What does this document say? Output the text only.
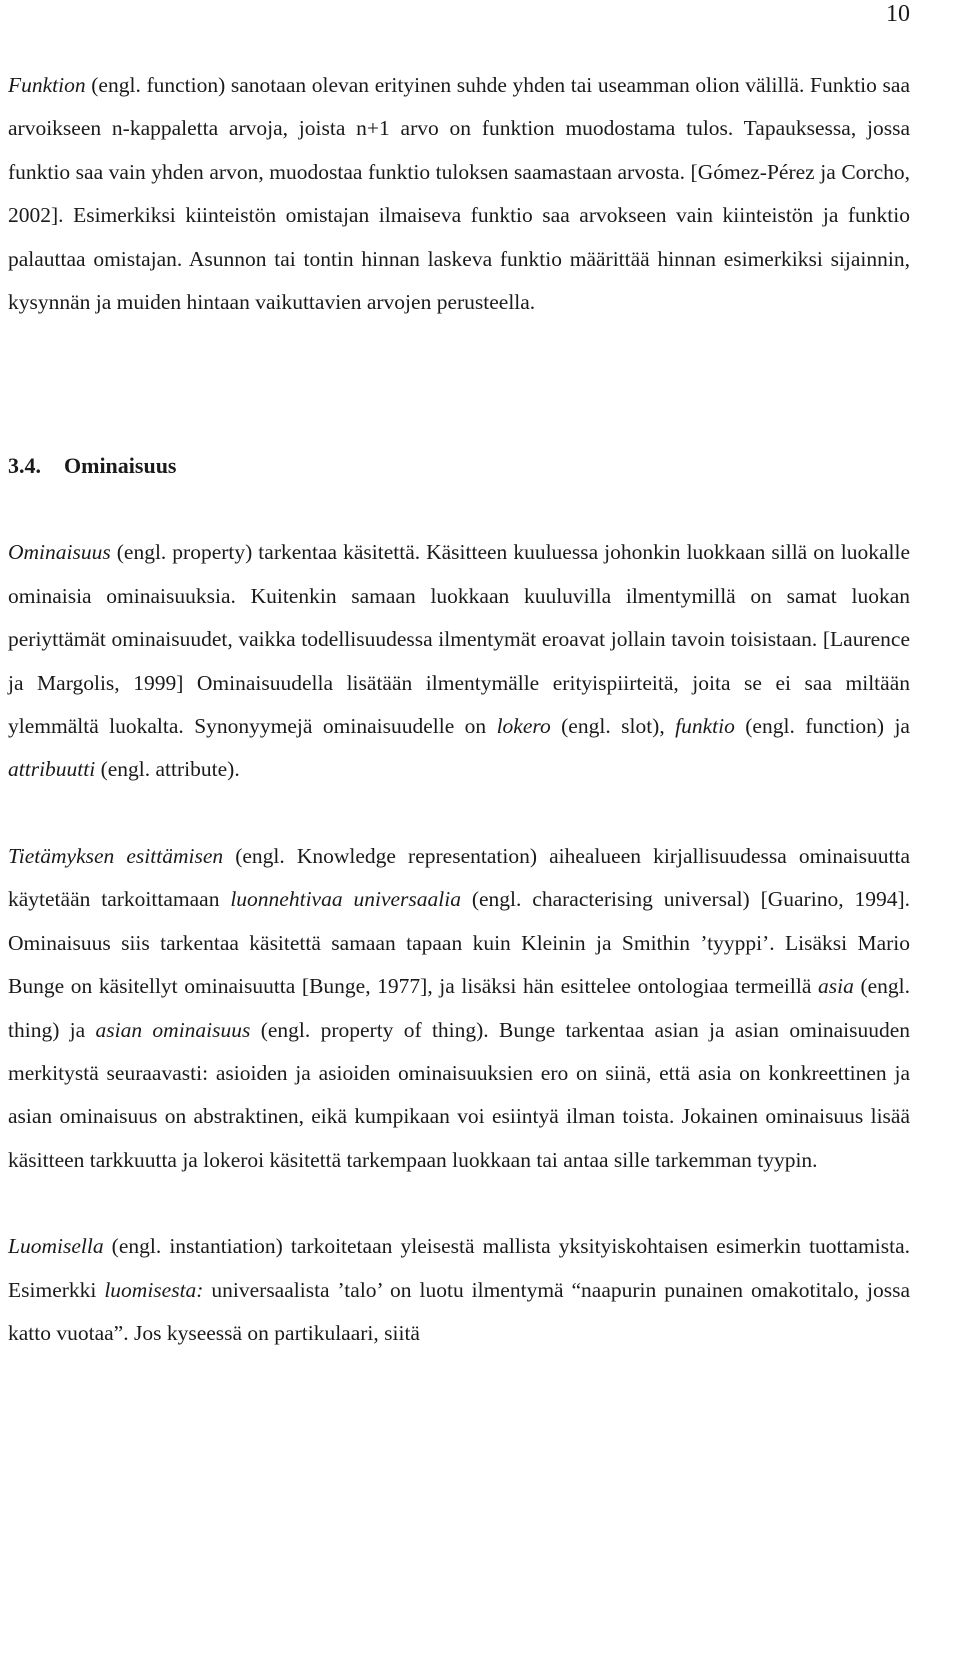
10

Funktion (engl. function) sanotaan olevan erityinen suhde yhden tai useamman olion välillä. Funktio saa arvoikseen n-kappaletta arvoja, joista n+1 arvo on funktion muodostama tulos. Tapauksessa, jossa funktio saa vain yhden arvon, muodostaa funktio tuloksen saamastaan arvosta. [Gómez-Pérez ja Corcho, 2002]. Esimerkiksi kiinteistön omistajan ilmaiseva funktio saa arvokseen vain kiinteistön ja funktio palauttaa omistajan. Asunnon tai tontin hinnan laskeva funktio määrittää hinnan esimerkiksi sijainnin, kysynnän ja muiden hintaan vaikuttavien arvojen perusteella.

3.4. Ominaisuus

Ominaisuus (engl. property) tarkentaa käsitettä. Käsitteen kuuluessa johonkin luokkaan sillä on luokalle ominaisia ominaisuuksia. Kuitenkin samaan luokkaan kuuluvilla ilmentymillä on samat luokan periyttämät ominaisuudet, vaikka todellisuudessa ilmentymät eroavat jollain tavoin toisistaan. [Laurence ja Margolis, 1999] Ominaisuudella lisätään ilmentymälle erityispiirteitä, joita se ei saa miltään ylemmältä luokalta. Synonyymejä ominaisuudelle on lokero (engl. slot), funktio (engl. function) ja attribuutti (engl. attribute).

Tietämyksen esittämisen (engl. Knowledge representation) aihealueen kirjallisuudessa ominaisuutta käytetään tarkoittamaan luonnehtivaa universaalia (engl. characterising universal) [Guarino, 1994]. Ominaisuus siis tarkentaa käsitettä samaan tapaan kuin Kleinin ja Smithin ’tyyppi’. Lisäksi Mario Bunge on käsitellyt ominaisuutta [Bunge, 1977], ja lisäksi hän esittelee ontologiaa termeillä asia (engl. thing) ja asian ominaisuus (engl. property of thing). Bunge tarkentaa asian ja asian ominaisuuden merkitystä seuraavasti: asioiden ja asioiden ominaisuuksien ero on siinä, että asia on konkreettinen ja asian ominaisuus on abstraktinen, eikä kumpikaan voi esiintyä ilman toista. Jokainen ominaisuus lisää käsitteen tarkkuutta ja lokeroi käsitettä tarkempaan luokkaan tai antaa sille tarkemman tyypin.

Luomisella (engl. instantiation) tarkoitetaan yleisestä mallista yksityiskohtaisen esimerkin tuottamista. Esimerkki luomisesta: universaalista ’talo’ on luotu ilmentymä “naapurin punainen omakotitalo, jossa katto vuotaa”. Jos kyseessä on partikulaari, siitä
